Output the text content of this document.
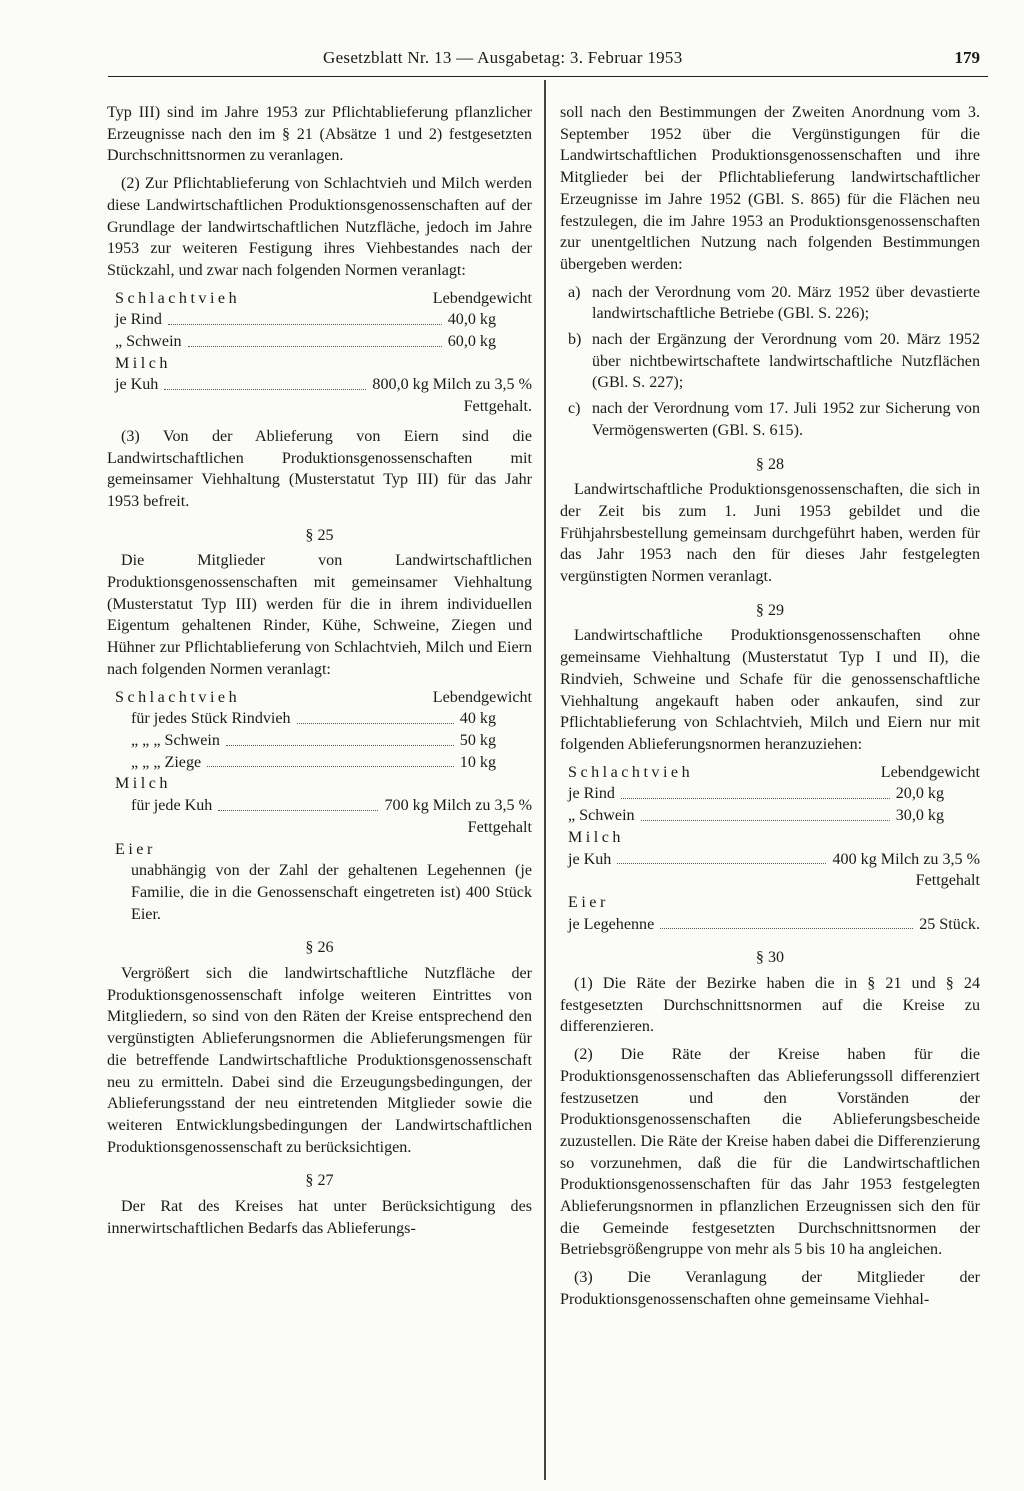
Gesetzblatt Nr. 13 — Ausgabetag: 3. Februar 1953	179

Typ III) sind im Jahre 1953 zur Pflichtablieferung pflanzlicher Erzeugnisse nach den im § 21 (Absätze 1 und 2) festgesetzten Durchschnittsnormen zu veranlagen.

(2) Zur Pflichtablieferung von Schlachtvieh und Milch werden diese Landwirtschaftlichen Produktionsgenossenschaften auf der Grundlage der landwirtschaftlichen Nutzfläche, jedoch im Jahre 1953 zur weiteren Festigung ihres Viehbestandes nach der Stückzahl, und zwar nach folgenden Normen veranlagt:

Schlachtvieh	Lebendgewicht
je Rind	40,0 kg
„ Schwein	60,0 kg
Milch
je Kuh	800,0 kg Milch zu 3,5 %
Fettgehalt.

(3) Von der Ablieferung von Eiern sind die Landwirtschaftlichen Produktionsgenossenschaften mit gemeinsamer Viehhaltung (Musterstatut Typ III) für das Jahr 1953 befreit.

§ 25

Die Mitglieder von Landwirtschaftlichen Produktionsgenossenschaften mit gemeinsamer Viehhaltung (Musterstatut Typ III) werden für die in ihrem individuellen Eigentum gehaltenen Rinder, Kühe, Schweine, Ziegen und Hühner zur Pflichtablieferung von Schlachtvieh, Milch und Eiern nach folgenden Normen veranlagt:

Schlachtvieh	Lebendgewicht
für jedes Stück Rindvieh	40 kg
„ „ „ Schwein	50 kg
„ „ „ Ziege	10 kg
Milch
für jede Kuh	700 kg Milch zu 3,5 %
Fettgehalt
Eier
unabhängig von der Zahl der gehaltenen Legehennen (je Familie, die in die Genossenschaft eingetreten ist) 400 Stück Eier.
§ 26

Vergrößert sich die landwirtschaftliche Nutzfläche der Produktionsgenossenschaft infolge weiteren Eintrittes von Mitgliedern, so sind von den Räten der Kreise entsprechend den vergünstigten Ablieferungsnormen die Ablieferungsmengen für die betreffende Landwirtschaftliche Produktionsgenossenschaft neu zu ermitteln. Dabei sind die Erzeugungsbedingungen, der Ablieferungsstand der neu eintretenden Mitglieder sowie die weiteren Entwicklungsbedingungen der Landwirtschaftlichen Produktionsgenossenschaft zu berücksichtigen.

§ 27

Der Rat des Kreises hat unter Berücksichtigung des innerwirtschaftlichen Bedarfs das Ablieferungs-

soll nach den Bestimmungen der Zweiten Anordnung vom 3. September 1952 über die Vergünstigungen für die Landwirtschaftlichen Produktionsgenossenschaften und ihre Mitglieder bei der Pflichtablieferung landwirtschaftlicher Erzeugnisse im Jahre 1952 (GBl. S. 865) für die Flächen neu festzulegen, die im Jahre 1953 an Produktionsgenossenschaften zur unentgeltlichen Nutzung nach folgenden Bestimmungen übergeben werden:

a) nach der Verordnung vom 20. März 1952 über devastierte landwirtschaftliche Betriebe (GBl. S. 226);
b) nach der Ergänzung der Verordnung vom 20. März 1952 über nichtbewirtschaftete landwirtschaftliche Nutzflächen (GBl. S. 227);
c) nach der Verordnung vom 17. Juli 1952 zur Sicherung von Vermögenswerten (GBl. S. 615).
§ 28

Landwirtschaftliche Produktionsgenossenschaften, die sich in der Zeit bis zum 1. Juni 1953 gebildet und die Frühjahrsbestellung gemeinsam durchgeführt haben, werden für das Jahr 1953 nach den für dieses Jahr festgelegten vergünstigten Normen veranlagt.

§ 29

Landwirtschaftliche Produktionsgenossenschaften ohne gemeinsame Viehhaltung (Musterstatut Typ I und II), die Rindvieh, Schweine und Schafe für die genossenschaftliche Viehhaltung angekauft haben oder ankaufen, sind zur Pflichtablieferung von Schlachtvieh, Milch und Eiern nur mit folgenden Ablieferungsnormen heranzuziehen:

Schlachtvieh	Lebendgewicht
je Rind	20,0 kg
„ Schwein	30,0 kg
Milch
je Kuh	400 kg Milch zu 3,5 %
Fettgehalt
Eier
je Legehenne	25 Stück.
§ 30

(1) Die Räte der Bezirke haben die in § 21 und § 24 festgesetzten Durchschnittsnormen auf die Kreise zu differenzieren.

(2) Die Räte der Kreise haben für die Produktionsgenossenschaften das Ablieferungssoll differenziert festzusetzen und den Vorständen der Produktionsgenossenschaften die Ablieferungsbescheide zuzustellen. Die Räte der Kreise haben dabei die Differenzierung so vorzunehmen, daß die für die Landwirtschaftlichen Produktionsgenossenschaften für das Jahr 1953 festgelegten Ablieferungsnormen in pflanzlichen Erzeugnissen sich den für die Gemeinde festgesetzten Durchschnittsnormen der Betriebsgrößengruppe von mehr als 5 bis 10 ha angleichen.

(3) Die Veranlagung der Mitglieder der Produktionsgenossenschaften ohne gemeinsame Viehhal-
